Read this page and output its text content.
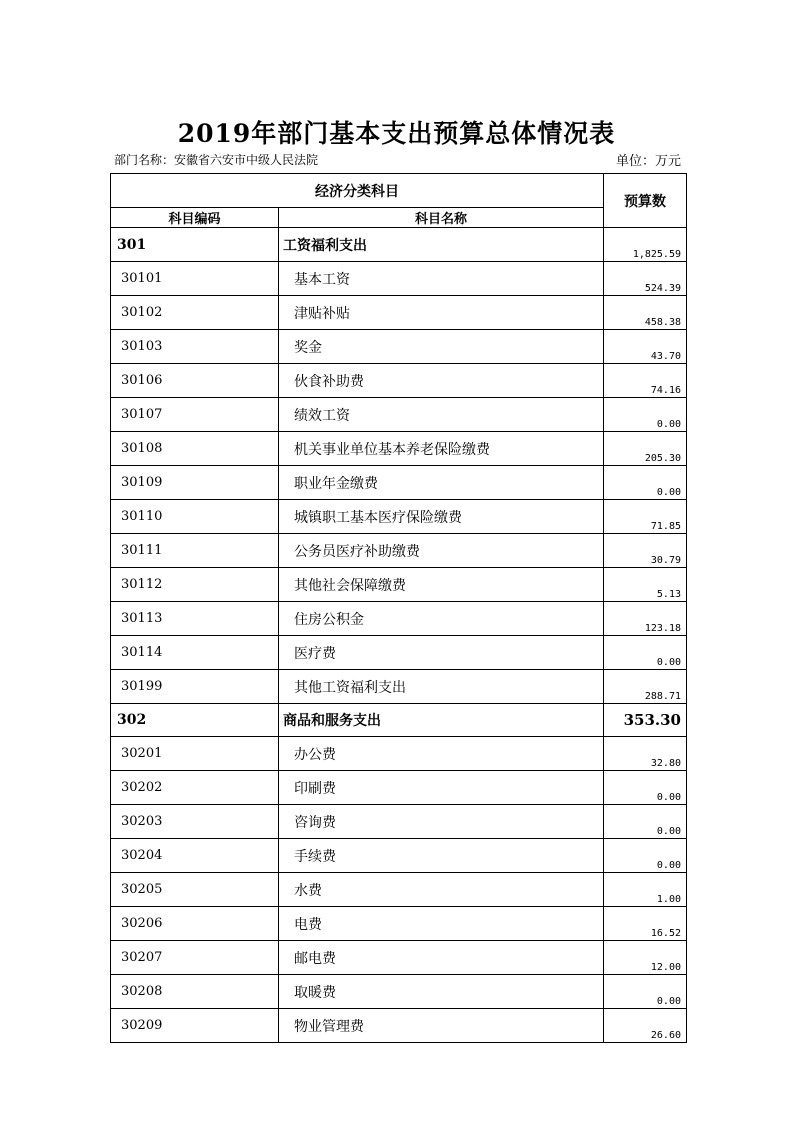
2019年部门基本支出预算总体情况表
部门名称：安徽省六安市中级人民法院	单位：万元
经济分类科目		预算数
科目编码	科目名称	
301	工资福利支出	1,825.59
30101	基本工资	524.39
30102	津贴补贴	458.38
30103	奖金	43.70
30106	伙食补助费	74.16
30107	绩效工资	0.00
30108	机关事业单位基本养老保险缴费	205.30
30109	职业年金缴费	0.00
30110	城镇职工基本医疗保险缴费	71.85
30111	公务员医疗补助缴费	30.79
30112	其他社会保障缴费	5.13
30113	住房公积金	123.18
30114	医疗费	0.00
30199	其他工资福利支出	288.71
302	商品和服务支出	353.30
30201	办公费	32.80
30202	印刷费	0.00
30203	咨询费	0.00
30204	手续费	0.00
30205	水费	1.00
30206	电费	16.52
30207	邮电费	12.00
30208	取暖费	0.00
30209	物业管理费	26.60
